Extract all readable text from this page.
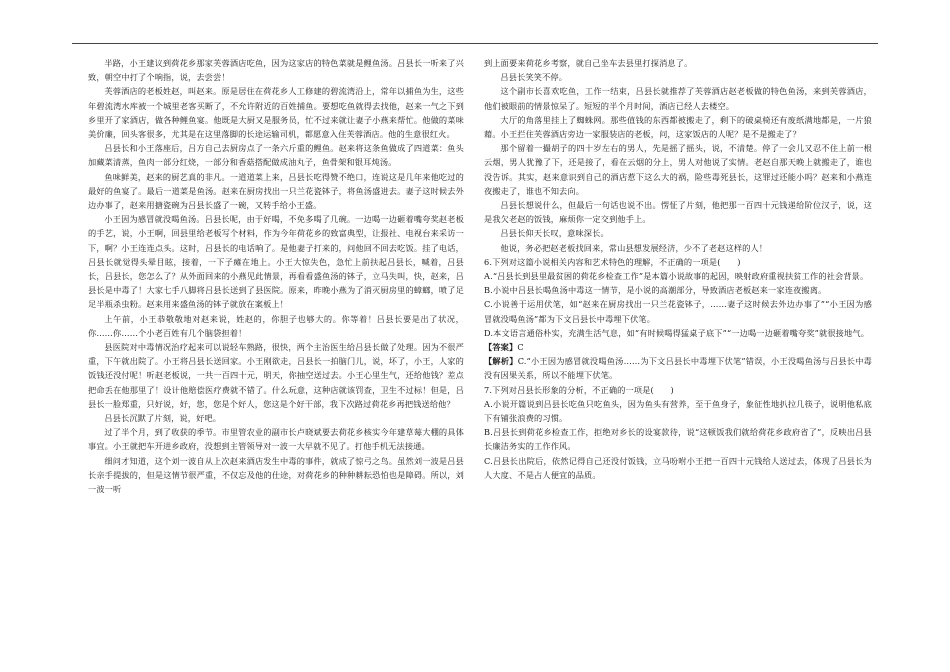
半路，小王建议到荷花乡那家芙蓉酒店吃鱼，因为这家店的特色菜就是鲤鱼汤。吕县长一听来了兴致，朝空中打了个响指，说，去尝尝！

芙蓉酒店的老板姓赵，叫赵来。原是居住在荷花乡人工修建的碧流湾沿上，常年以捕鱼为生，这些年碧流湾水库被一个城里老客买断了，不允许附近的百姓捕鱼。要想吃鱼就得去找他，赵来一气之下到乡里开了家酒店，做各种鲤鱼宴。他既是大厨又是服务员，忙不过来就让妻子小燕来帮忙。他做的菜味美价廉，回头客很多，尤其是在这里落脚的长途运输司机，都愿意入住芙蓉酒店。他的生意很红火。

吕县长和小王落座后，吕方自己去厨房点了一条六斤重的鲤鱼。赵来将这条鱼做成了四道菜：鱼头加藏菜清蒸，鱼肉一部分红烧，一部分和香菇搭配做成油丸子，鱼骨架和银耳炖汤。

鱼味鲜美，赵来的厨艺真的非凡。一道道菜上来，吕县长吃得赞不绝口，连说这是几年来他吃过的最好的鱼宴了。最后一道菜是鱼汤。赵来在厨房找出一只兰花瓷钵子，将鱼汤盛进去。妻子这时候去外边办事了，赵来用搪瓷碗为吕县长盛了一碗，又转手给小王盛。

小王因为感冒就没喝鱼汤。吕县长呢，由于好喝，不免多喝了几碗。一边喝一边砸着嘴夸奖赵老板的手艺，说，小王啊，回县里给老板写个材料，作为今年荷花乡的致富典型，让报社、电视台来采访一下，啊？小王连连点头。这时，吕县长的电话响了。是他妻子打来的，问他回不回去吃饭。挂了电话，吕县长就觉得头晕目眩，接着，一下子瘫在地上。小王大惊失色，急忙上前扶起吕县长，喊着，吕县长，吕县长，您怎么了？从外面回来的小燕见此情景，再看看盛鱼汤的钵子，立马失叫，快，赵来，吕县长是中毒了！大家七手八脚将吕县长送到了县医院。原来，昨晚小燕为了消灭厨房里的蟑螂，喷了足足半瓶杀虫粉。赵来用来盛鱼汤的钵子就放在案板上！

上午前，小王恭敬敬地对赵来说，姓赵的，你胆子也够大的。你等着！吕县长要是出了状况，你……你……个小老百姓有几个脑袋担着！

县医院对中毒情况治疗起来可以说轻车熟路，很快，两个主治医生给吕县长做了处理。因为不很严重，下午就出院了。小王将吕县长送回家。小王刚欲走，吕县长一拍脑门儿，说，坏了，小王，人家的饭钱还没付呢！听赵老板说，一共一百四十元，明天，你抽空送过去。小王心里生气，还给他钱？差点把命丢在他那里了！设计他赔偿医疗费就不错了。什么玩意，这种店就该罚查，卫生不过标！但是，吕县长一脸郑重，只好说，好，您，您是个好人，您这是个好干部，我下次路过荷花乡再把钱送给他？

吕县长沉默了片刻，说，好吧。

过了半个月，到了收获的季节。市里管农业的副市长卢晓斌要去荷花乡核实今年建草莓大棚的具体事宜。小王就把车开进乡政府，没想到主管领导对一波一大早就不见了。打他手机无法接通。

细问才知道，这个刘一波自从上次赵来酒店发生中毒的事件，就成了惊弓之鸟。虽然刘一波是吕县长亲手提拔的，但是这情节很严重，不仅忘及他的仕途，对荷花乡的种种耕耘恐怕也是障碍。所以，刘一波一听

到上面要来荷花乡考察，就自己坐车去县里打探消息了。

吕县长笑笑不停。

这个副市长喜欢吃鱼，工作一结束，吕县长就推荐了芙蓉酒店赵老板做的特色鱼汤，来到芙蓉酒店，他们被眼前的情景惊呆了。短短的半个月时间，酒店已经人去楼空。

大厅的角落里挂上了蜘蛛网。那些值钱的东西都被搬走了，剩下的破桌椅还有废纸满地都是，一片狼藉。小王拦住芙蓉酒店旁边一家服装店的老板，问，这家饭店的人呢？是不是搬走了？

那个留着一撮胡子的四十岁左右的男人，先是摇了摇头，说，不清楚。停了一会儿又忍不住上前一根云烟，男人犹豫了下，还是接了，看在云烟的分上，男人对他说了实情。老赵自那天晚上就搬走了，谁也没告诉。其实，赵来意识到自己的酒店惹下这么大的祸，险些毒死县长，这罪过还能小吗？赵来和小燕连夜搬走了，谁也不知去向。

吕县长想说什么，但最后一句话也说不出。愣怔了片刻，他把那一百四十元钱递给阶位汉子，说，这是我欠老赵的饭钱，麻烦你一定交到他手上。

吕县长仰天长叹，意味深长。

他说，务必把赵老板找回来，常山县想发展经济，少不了老赵这样的人！

6.下列对这篇小说相关内容和艺术特色的理解，不正确的一项是(　　)

A.“吕县长到县里最贫困的荷花乡检查工作”是本篇小说故事的起因，映射政府重视扶贫工作的社会背景。

B.小说中吕县长喝鱼汤中毒这一情节，是小说的高潮部分，导致酒店老板赵来一家连夜搬离。

C.小说善于运用伏笔，如“赵来在厨房找出一只兰花瓷钵子，……妻子这时候去外边办事了”“小王因为感冒就没喝鱼汤”都为下文吕县长中毒埋下伏笔。

D.本文语言通俗朴实，充满生活气息，如“有时候喝得猛桌子底下”“一边喝一边砸着嘴夸奖”就很接地气。

【答案】C

【解析】C.“小王因为感冒就没喝鱼汤……为下文吕县长中毒埋下伏笔”错误，小王没喝鱼汤与吕县长中毒没有因果关系，所以不能埋下伏笔。

7.下列对吕县长形象的分析，不正确的一项是(　　)

A.小说开篇说到吕县长吃鱼只吃鱼头，因为鱼头有营养，至于鱼身子，象征性地扒拉几筷子，说明他私底下有铺张浪费的习惯。

B.吕县长到荷花乡检查工作，拒绝对乡长的设宴款待，说“这顿饭我们就给荷花乡政府省了”，反映出吕县长廉洁务实的工作作风。

C.吕县长出院后，依然记得自己还没付饭钱，立马吩咐小王把一百四十元钱给人送过去，体现了吕县长为人大度、不是占人便宜的品质。
